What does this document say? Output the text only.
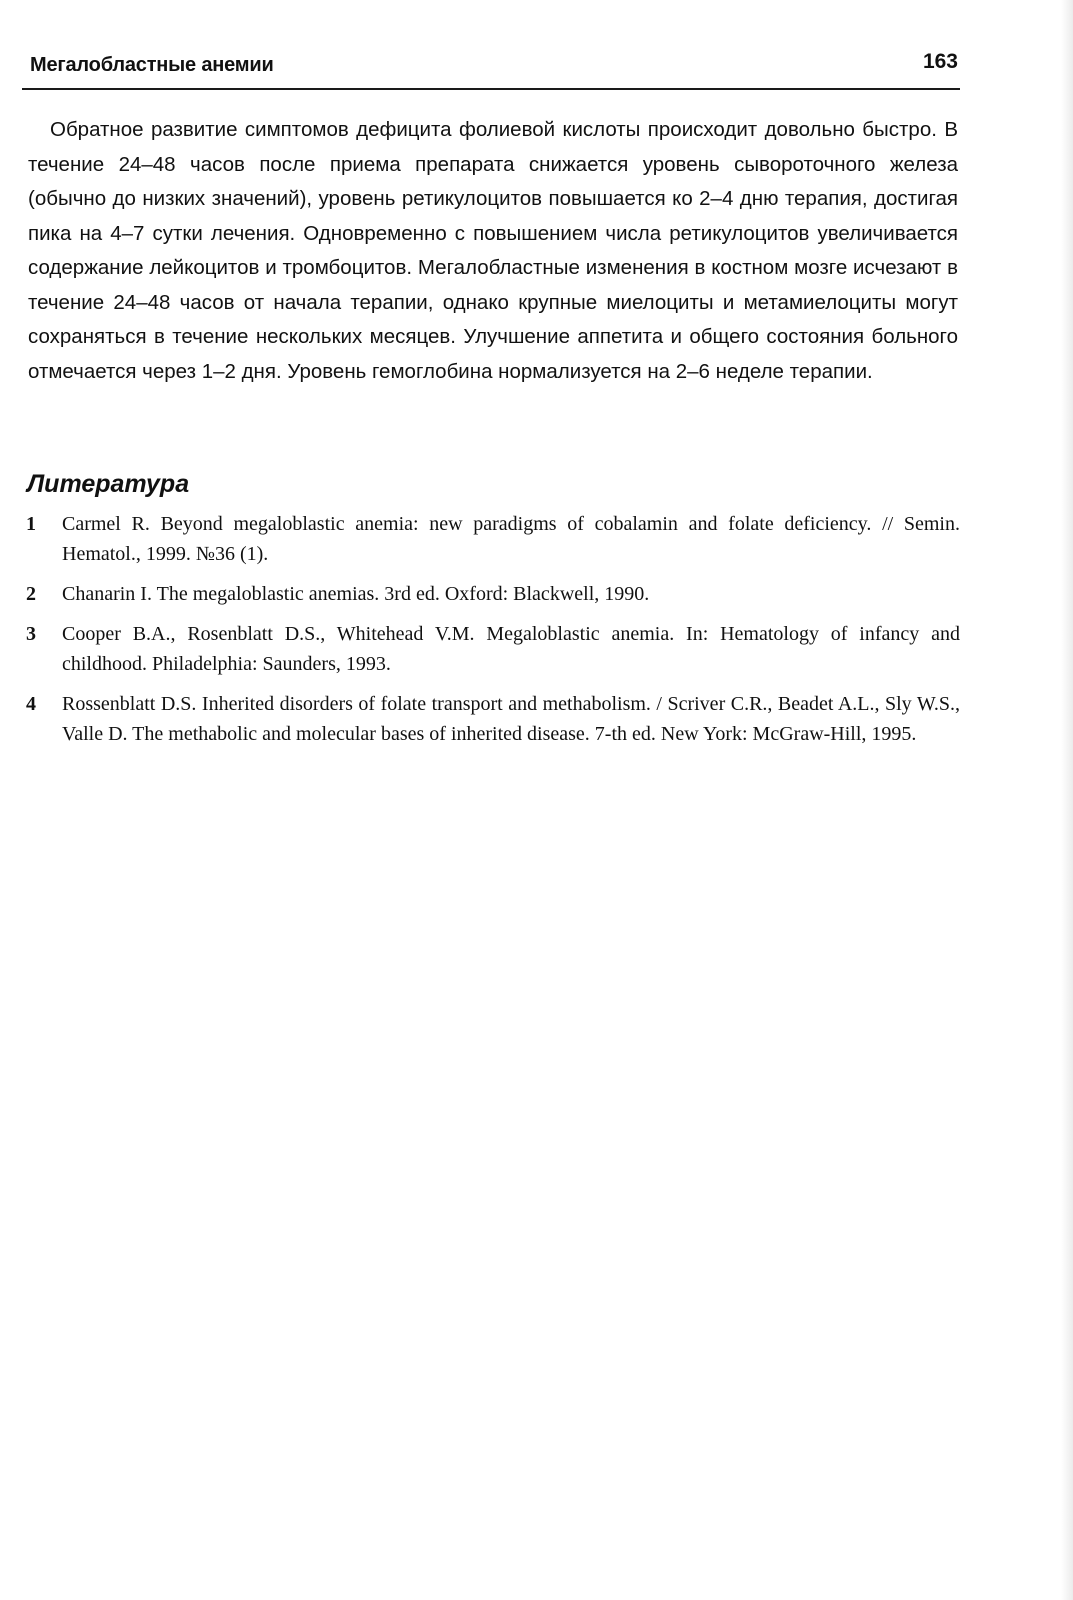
Мегалобластные анемии	163

Обратное развитие симптомов дефицита фолиевой кислоты происходит довольно быстро. В течение 24–48 часов после приема препарата снижается уровень сывороточного железа (обычно до низких значений), уровень ретикулоцитов повышается ко 2–4 дню терапия, достигая пика на 4–7 сутки лечения. Одновременно с повышением числа ретикулоцитов увеличивается содержание лейкоцитов и тромбоцитов. Мегалобластные изменения в костном мозге исчезают в течение 24–48 часов от начала терапии, однако крупные миелоциты и метамиелоциты могут сохраняться в течение нескольких месяцев. Улучшение аппетита и общего состояния больного отмечается через 1–2 дня. Уровень гемоглобина нормализуется на 2–6 неделе терапии.

Литература
1 Carmel R. Beyond megaloblastic anemia: new paradigms of cobalamin and folate deficiency. // Semin. Hematol., 1999. №36 (1).
2 Chanarin I. The megaloblastic anemias. 3rd ed. Oxford: Blackwell, 1990.
3 Cooper B.A., Rosenblatt D.S., Whitehead V.M. Megaloblastic anemia. In: Hematology of infancy and childhood. Philadelphia: Saunders, 1993.
4 Rossenblatt D.S. Inherited disorders of folate transport and methabolism. / Scriver C.R., Beadet A.L., Sly W.S., Valle D. The methabolic and molecular bases of inherited disease. 7-th ed. New York: McGraw-Hill, 1995.
